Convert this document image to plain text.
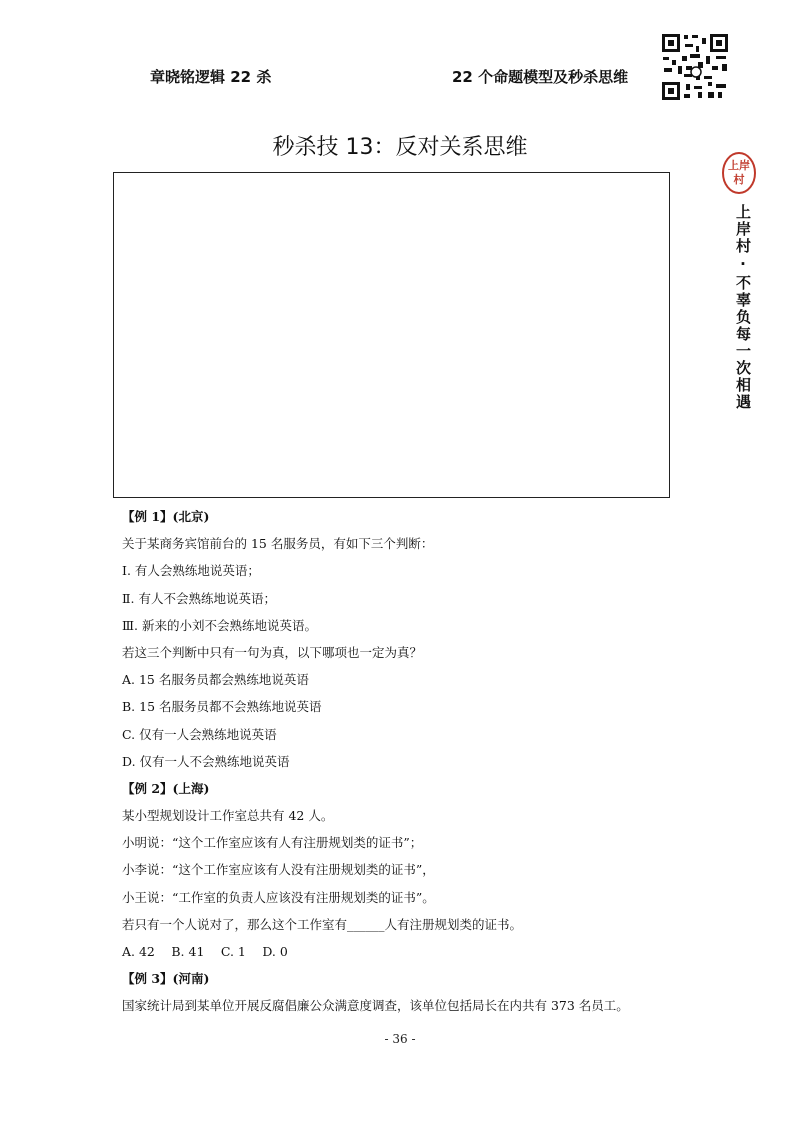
章晓铭逻辑 22 杀	22 个命题模型及秒杀思维
秒杀技 13：反对关系思维
上岸
村
上岸村·不辜负每一次相遇
【例 1】(北京)
关于某商务宾馆前台的 15 名服务员，有如下三个判断：
Ⅰ. 有人会熟练地说英语；
Ⅱ. 有人不会熟练地说英语；
Ⅲ. 新来的小刘不会熟练地说英语。
若这三个判断中只有一句为真，以下哪项也一定为真？
A. 15 名服务员都会熟练地说英语
B. 15 名服务员都不会熟练地说英语
C. 仅有一人会熟练地说英语
D. 仅有一人不会熟练地说英语
【例 2】(上海)
某小型规划设计工作室总共有 42 人。
小明说：“这个工作室应该有人有注册规划类的证书”；
小李说：“这个工作室应该有人没有注册规划类的证书”，
小王说：“工作室的负责人应该没有注册规划类的证书”。
若只有一个人说对了，那么这个工作室有______人有注册规划类的证书。
A. 42　 B. 41　 C. 1　 D. 0
【例 3】(河南)
国家统计局到某单位开展反腐倡廉公众满意度调查，该单位包括局长在内共有 373 名员工。
- 36 -
